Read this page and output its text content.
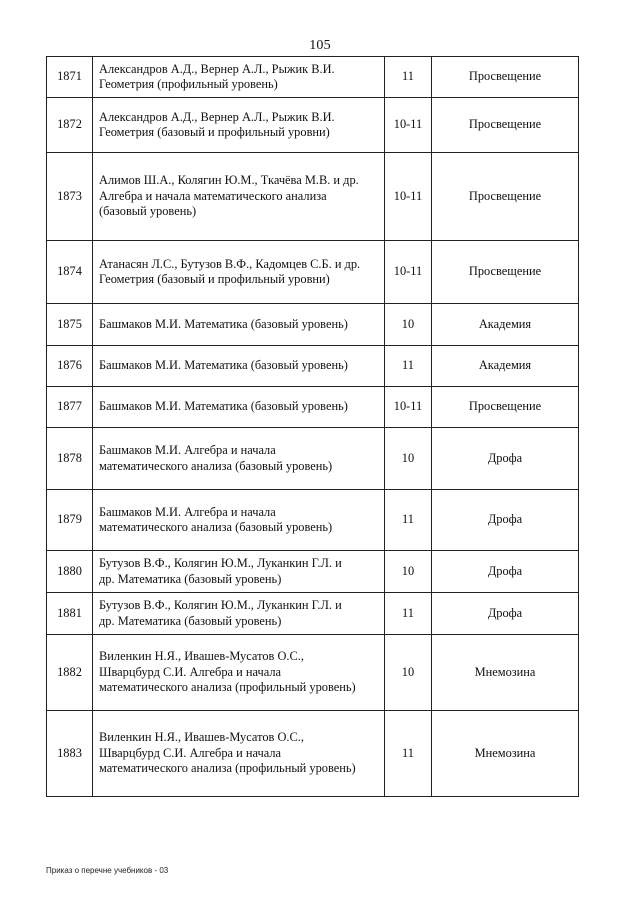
105
1871	Александров А.Д., Вернер А.Л., Рыжик В.И.
Геометрия (профильный уровень)	11	Просвещение
1872	Александров А.Д., Вернер А.Л., Рыжик В.И.
Геометрия (базовый и профильный уровни)	10-11	Просвещение
1873	Алимов Ш.А., Колягин Ю.М., Ткачёва М.В. и др.
Алгебра и начала математического анализа
(базовый уровень)	10-11	Просвещение
1874	Атанасян Л.С., Бутузов В.Ф., Кадомцев С.Б. и др.
Геометрия (базовый и профильный уровни)	10-11	Просвещение
1875	Башмаков М.И. Математика (базовый уровень)	10	Академия
1876	Башмаков М.И. Математика (базовый уровень)	11	Академия
1877	Башмаков М.И. Математика (базовый уровень)	10-11	Просвещение
1878	Башмаков М.И. Алгебра и начала
математического анализа (базовый уровень)	10	Дрофа
1879	Башмаков М.И. Алгебра и начала
математического анализа (базовый уровень)	11	Дрофа
1880	Бутузов В.Ф., Колягин Ю.М., Луканкин Г.Л. и
др. Математика (базовый уровень)	10	Дрофа
1881	Бутузов В.Ф., Колягин Ю.М., Луканкин Г.Л. и
др. Математика (базовый уровень)	11	Дрофа
1882	Виленкин Н.Я., Ивашев-Мусатов О.С.,
Шварцбурд С.И. Алгебра и начала
математического анализа (профильный уровень)	10	Мнемозина
1883	Виленкин Н.Я., Ивашев-Мусатов О.С.,
Шварцбурд С.И. Алгебра и начала
математического анализа (профильный уровень)	11	Мнемозина
Приказ о перечне учебников - 03
